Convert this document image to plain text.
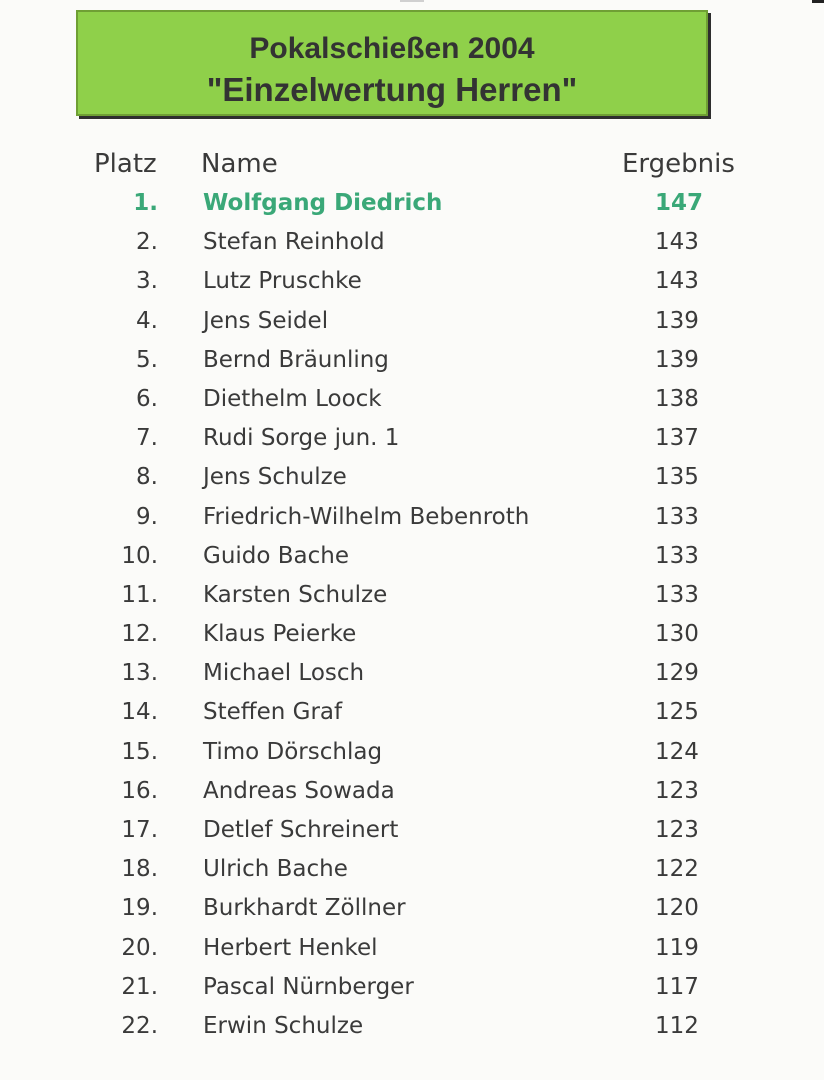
Pokalschießen 2004
"Einzelwertung Herren"
Platz Name	Ergebnis
1. Wolfgang Diedrich	147
2. Stefan Reinhold	143
3. Lutz Pruschke	143
4. Jens Seidel	139
5. Bernd Bräunling	139
6. Diethelm Loock	138
7. Rudi Sorge jun. 1	137
8. Jens Schulze	135
9. Friedrich-Wilhelm Bebenroth	133
10. Guido Bache	133
11. Karsten Schulze	133
12. Klaus Peierke	130
13. Michael Losch	129
14. Steffen Graf	125
15. Timo Dörschlag	124
16. Andreas Sowada	123
17. Detlef Schreinert	123
18. Ulrich Bache	122
19. Burkhardt Zöllner	120
20. Herbert Henkel	119
21. Pascal Nürnberger	117
22. Erwin Schulze	112
